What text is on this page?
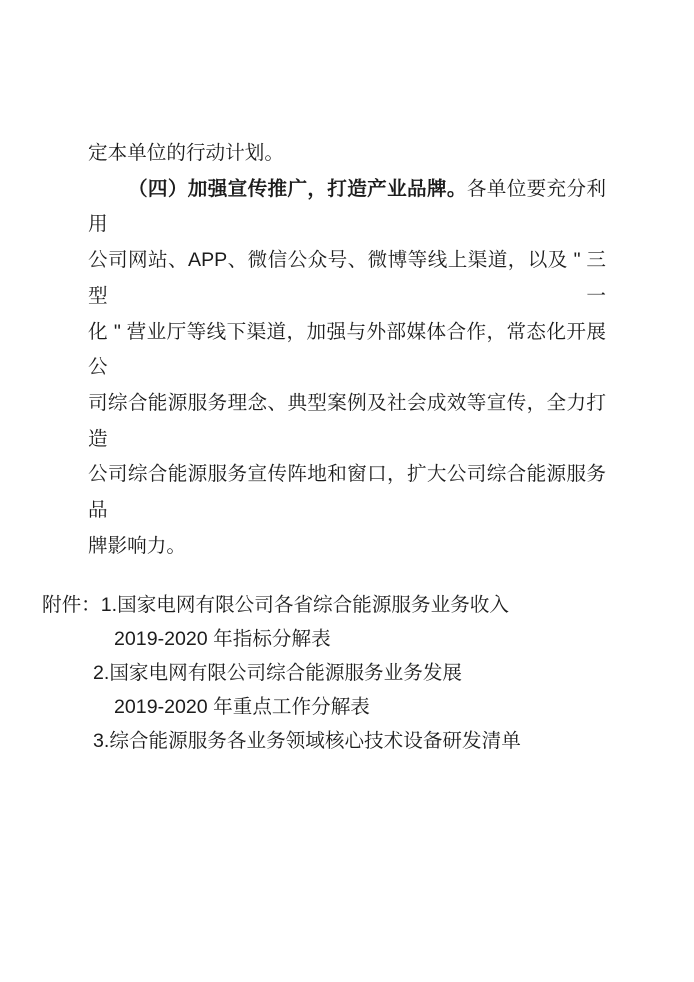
定本单位的行动计划。
（四）加强宣传推广，打造产业品牌。各单位要充分利用
公司网站、APP、微信公众号、微博等线上渠道，以及 " 三型一
化 " 营业厅等线下渠道，加强与外部媒体合作，常态化开展公
司综合能源服务理念、典型案例及社会成效等宣传，全力打造
公司综合能源服务宣传阵地和窗口，扩大公司综合能源服务品
牌影响力。
附件：1.国家电网有限公司各省综合能源服务业务收入
2019-2020 年指标分解表
2.国家电网有限公司综合能源服务业务发展
2019-2020 年重点工作分解表
3.综合能源服务各业务领域核心技术设备研发清单
